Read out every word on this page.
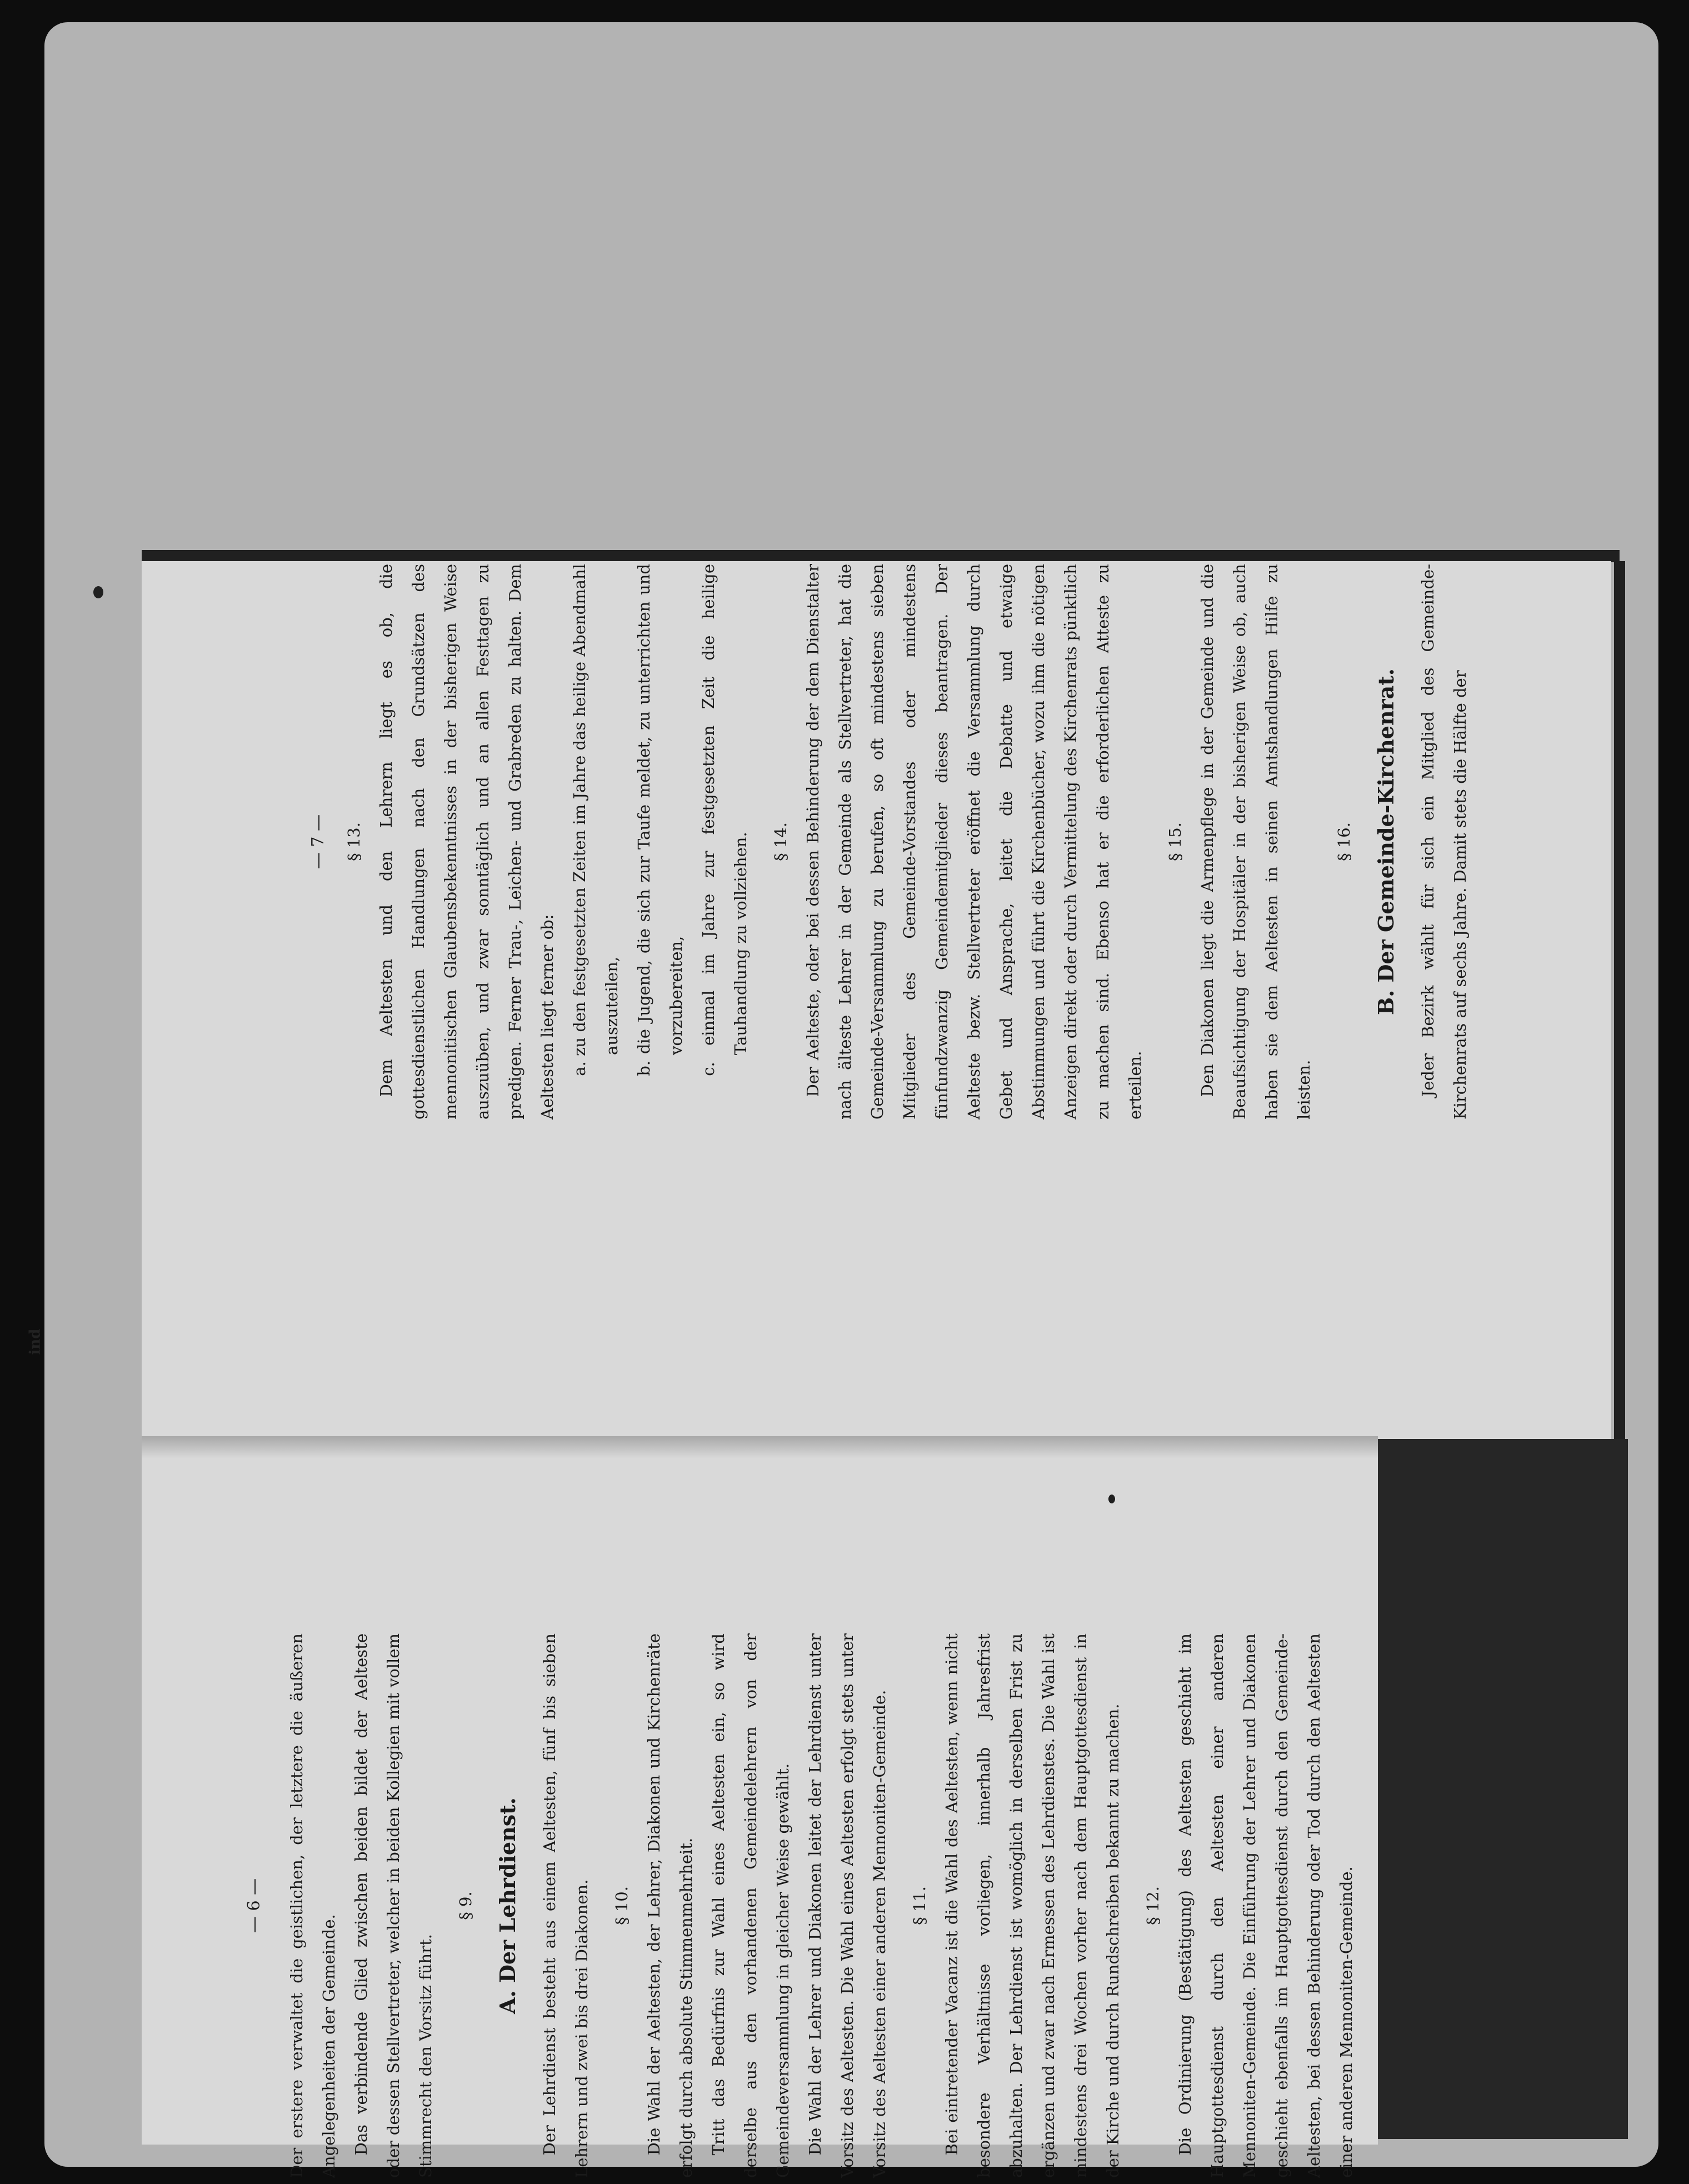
ind
— 7 — § 13. Dem Aeltesten und den Lehrern liegt es ob, die gottesdienstlichen Handlungen nach den Grundsätzen des mennonitischen Glaubensbekenntnisses in der bisherigen Weise auszuüben, und zwar sonntäglich und an allen Festtagen zu predigen. Ferner Trau-, Leichen- und Grabreden zu halten. Dem Aeltesten liegt ferner ob: a. zu den festgesetzten Zeiten im Jahre das heilige Abendmahl auszuteilen, b. die Jugend, die sich zur Taufe meldet, zu unterrichten und vorzubereiten, c. einmal im Jahre zur festgesetzten Zeit die heilige Tauhandlung zu vollziehen.	§ 14. Der Aelteste, oder bei dessen Behinderung der dem Dienstalter nach älteste Lehrer in der Gemeinde als Stellvertreter, hat die Gemeinde-Versammlung zu berufen, so oft mindestens sieben Mitglieder des Gemeinde-Vorstandes oder mindestens fünfundzwanzig Gemeindemitglieder dieses beantragen. Der Aelteste bezw. Stellvertreter eröffnet die Versammlung durch Gebet und Ansprache, leitet die Debatte und etwaige Abstimmungen und führt die Kirchenbücher, wozu ihm die nötigen Anzeigen direkt oder durch Vermittelung des Kirchenrats pünktlich zu machen sind. Ebenso hat er die erforderlichen Atteste zu erteilen.

§ 15. Den Diakonen liegt die Armenpflege in der Gemeinde und die Beaufsichtigung der Hospitäler in der bisherigen Weise ob, auch haben sie dem Aeltesten in seinen Amtshandlungen Hilfe zu leisten.

§ 16. B. Der Gemeinde-Kirchenrat.	Jeder Bezirk wählt für sich ein Mitglied des Gemeinde-Kirchenrats auf sechs Jahre. Damit stets die Hälfte der

— 6 —	Der erstere verwaltet die geistlichen, der letztere die äußeren Angelegenheiten der Gemeinde. Das verbindende Glied zwischen beiden bildet der Aelteste oder dessen Stellvertreter, welcher in beiden Kollegien mit vollem Stimmrecht den Vorsitz führt.

§ 9. A. Der Lehrdienst.	Der Lehrdienst besteht aus einem Aeltesten, fünf bis sieben Lehrern und zwei bis drei Diakonen.	§ 10. Die Wahl der Aeltesten, der Lehrer, Diakonen und Kirchenräte erfolgt durch absolute Stimmenmehrheit. Tritt das Bedürfnis zur Wahl eines Aeltesten ein, so wird derselbe aus den vorhandenen Gemeindelehrern von der Gemeindeversammlung in gleicher Weise gewählt. Die Wahl der Lehrer und Diakonen leitet der Lehrdienst unter Vorsitz des Aeltesten. Die Wahl eines Aeltesten erfolgt stets unter Vorsitz des Aeltesten einer anderen Mennoniten-Gemeinde.	§ 11. Bei eintretender Vacanz ist die Wahl des Aeltesten, wenn nicht besondere Verhältnisse vorliegen, innerhalb Jahresfrist abzuhalten. Der Lehrdienst ist womöglich in derselben Frist zu ergänzen und zwar nach Ermessen des Lehrdienstes. Die Wahl ist mindestens drei Wochen vorher nach dem Hauptgottesdienst in der Kirche und durch Rundschreiben bekannt zu machen.	§ 12. Die Ordinierung (Bestätigung) des Aeltesten geschieht im Hauptgottesdienst durch den Aeltesten einer anderen Mennoniten-Gemeinde. Die Einführung der Lehrer und Diakonen geschieht ebenfalls im Hauptgottesdienst durch den Gemeinde-Aeltesten, bei dessen Behinderung oder Tod durch den Aeltesten einer anderen Mennoniten-Gemeinde.
